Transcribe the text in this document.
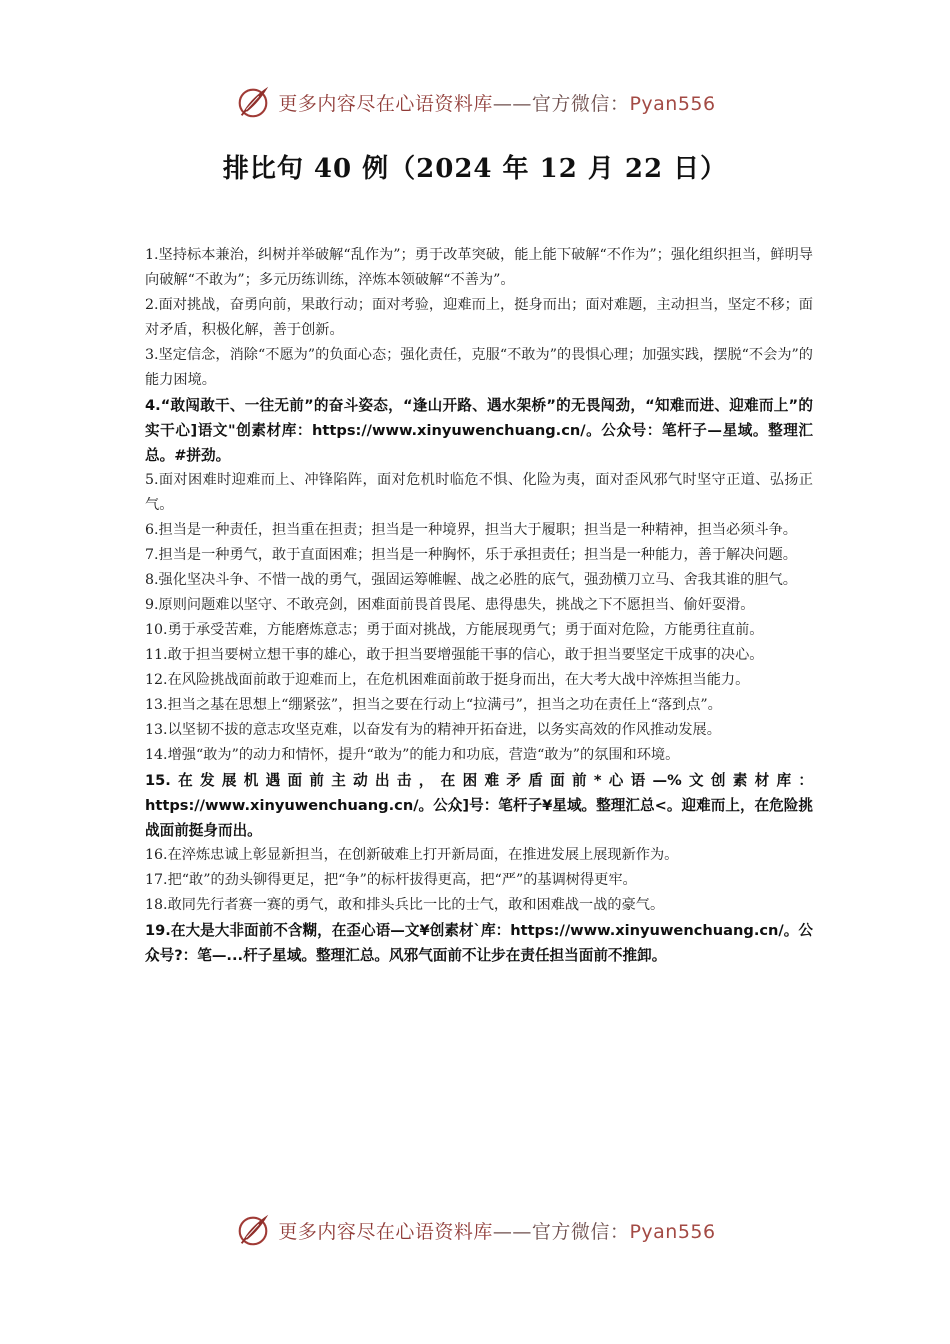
更多内容尽在心语资料库——官方微信：Pyan556
排比句 40 例（2024 年 12 月 22 日）

1.坚持标本兼治，纠树并举破解“乱作为”；勇于改革突破，能上能下破解“不作为”；强化组织担当，鲜明导向破解“不敢为”；多元历练训练，淬炼本领破解“不善为”。

2.面对挑战，奋勇向前，果敢行动；面对考验，迎难而上，挺身而出；面对难题，主动担当，坚定不移；面对矛盾，积极化解，善于创新。

3.坚定信念，消除“不愿为”的负面心态；强化责任，克服“不敢为”的畏惧心理；加强实践，摆脱“不会为”的能力困境。

4.“敢闯敢干、一往无前”的奋斗姿态，“逢山开路、遇水架桥”的无畏闯劲，“知难而进、迎难而上”的实干心]语文"创素材库：https://www.xinyuwenchuang.cn/。公众号：笔杆子—星域。整理汇总。#拼劲。

5.面对困难时迎难而上、冲锋陷阵，面对危机时临危不惧、化险为夷，面对歪风邪气时坚守正道、弘扬正气。

6.担当是一种责任，担当重在担责；担当是一种境界，担当大于履职；担当是一种精神，担当必须斗争。

7.担当是一种勇气，敢于直面困难；担当是一种胸怀，乐于承担责任；担当是一种能力，善于解决问题。

8.强化坚决斗争、不惜一战的勇气，强固运筹帷幄、战之必胜的底气，强劲横刀立马、舍我其谁的胆气。

9.原则问题难以坚守、不敢亮剑，困难面前畏首畏尾、患得患失，挑战之下不愿担当、偷奸耍滑。

10.勇于承受苦难，方能磨炼意志；勇于面对挑战，方能展现勇气；勇于面对危险，方能勇往直前。

11.敢于担当要树立想干事的雄心，敢于担当要增强能干事的信心，敢于担当要坚定干成事的决心。

12.在风险挑战面前敢于迎难而上，在危机困难面前敢于挺身而出，在大考大战中淬炼担当能力。

13.担当之基在思想上“绷紧弦”，担当之要在行动上“拉满弓”，担当之功在责任上“落到点”。

13.以坚韧不拔的意志攻坚克难，以奋发有为的精神开拓奋进，以务实高效的作风推动发展。

14.增强“敢为”的动力和情怀，提升“敢为”的能力和功底，营造“敢为”的氛围和环境。

15.在发展机遇面前主动出击，在困难矛盾面前*心语—%文创素材库：https://www.xinyuwenchuang.cn/。公众]号：笔杆子¥星域。整理汇总<。迎难而上，在危险挑战面前挺身而出。

16.在淬炼忠诚上彰显新担当，在创新破难上打开新局面，在推进发展上展现新作为。

17.把“敢”的劲头铆得更足，把“争”的标杆拔得更高，把“严”的基调树得更牢。

18.敢同先行者赛一赛的勇气，敢和排头兵比一比的士气，敢和困难战一战的豪气。

19.在大是大非面前不含糊，在歪心语—文¥创素材`库：https://www.xinyuwenchuang.cn/。公众号?：笔—...杆子星域。整理汇总。风邪气面前不让步在责任担当面前不推卸。

更多内容尽在心语资料库——官方微信：Pyan556
